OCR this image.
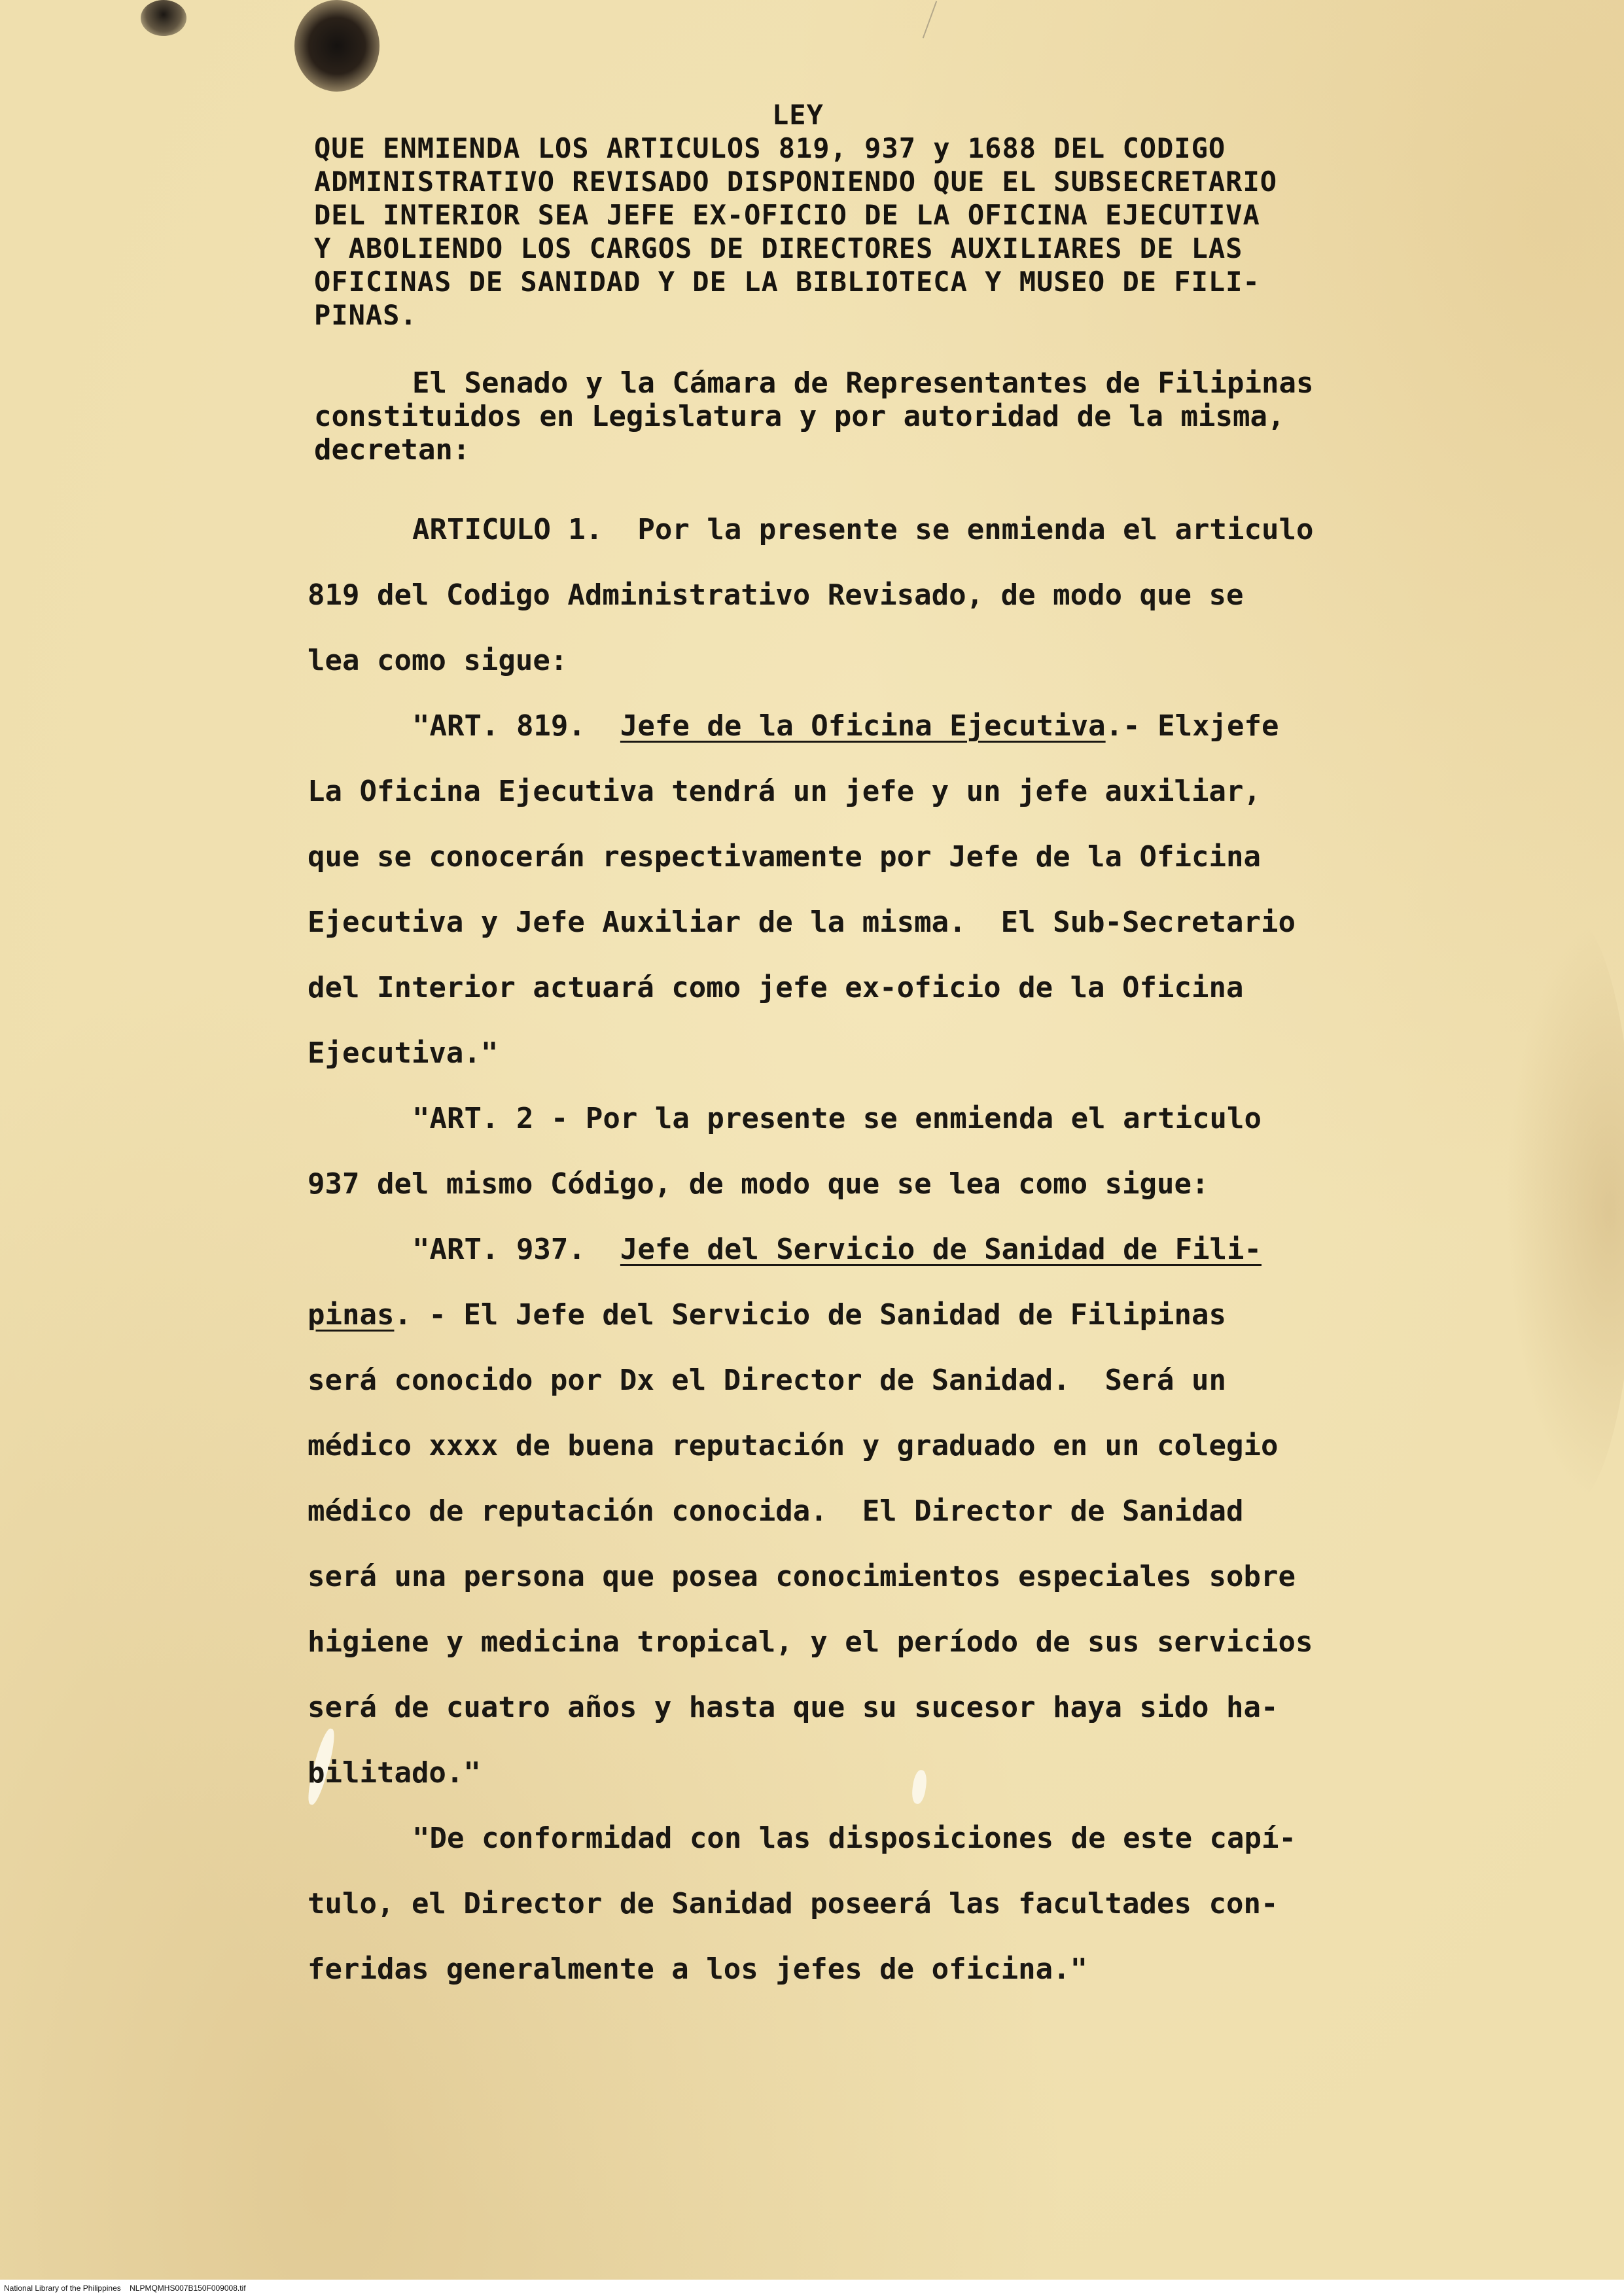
LEY
QUE ENMIENDA LOS ARTICULOS 819, 937 y 1688 DEL CODIGO
ADMINISTRATIVO REVISADO DISPONIENDO QUE EL SUBSECRETARIO
DEL INTERIOR SEA JEFE EX-OFICIO DE LA OFICINA EJECUTIVA
Y ABOLIENDO LOS CARGOS DE DIRECTORES AUXILIARES DE LAS
OFICINAS DE SANIDAD Y DE LA BIBLIOTECA Y MUSEO DE FILI-
PINAS.
El Senado y la Cámara de Representantes de Filipinas
constituidos en Legislatura y por autoridad de la misma,
decretan:
ARTICULO 1.  Por la presente se enmienda el articulo
819 del Codigo Administrativo Revisado, de modo que se
lea como sigue:
"ART. 819.  Jefe de la Oficina Ejecutiva.- Elxjefe
La Oficina Ejecutiva tendrá un jefe y un jefe auxiliar,
que se conocerán respectivamente por Jefe de la Oficina
Ejecutiva y Jefe Auxiliar de la misma.  El Sub-Secretario
del Interior actuará como jefe ex-oficio de la Oficina
Ejecutiva."
"ART. 2 - Por la presente se enmienda el articulo
937 del mismo Código, de modo que se lea como sigue:
"ART. 937.  Jefe del Servicio de Sanidad de Fili-
pinas. - El Jefe del Servicio de Sanidad de Filipinas
será conocido por Dx el Director de Sanidad.  Será un
médico xxxx de buena reputación y graduado en un colegio
médico de reputación conocida.  El Director de Sanidad
será una persona que posea conocimientos especiales sobre
higiene y medicina tropical, y el período de sus servicios
será de cuatro años y hasta que su sucesor haya sido ha-
bilitado."
"De conformidad con las disposiciones de este capí-
tulo, el Director de Sanidad poseerá las facultades con-
feridas generalmente a los jefes de oficina."
National Library of the Philippines    NLPMQMHS007B150F009008.tif
